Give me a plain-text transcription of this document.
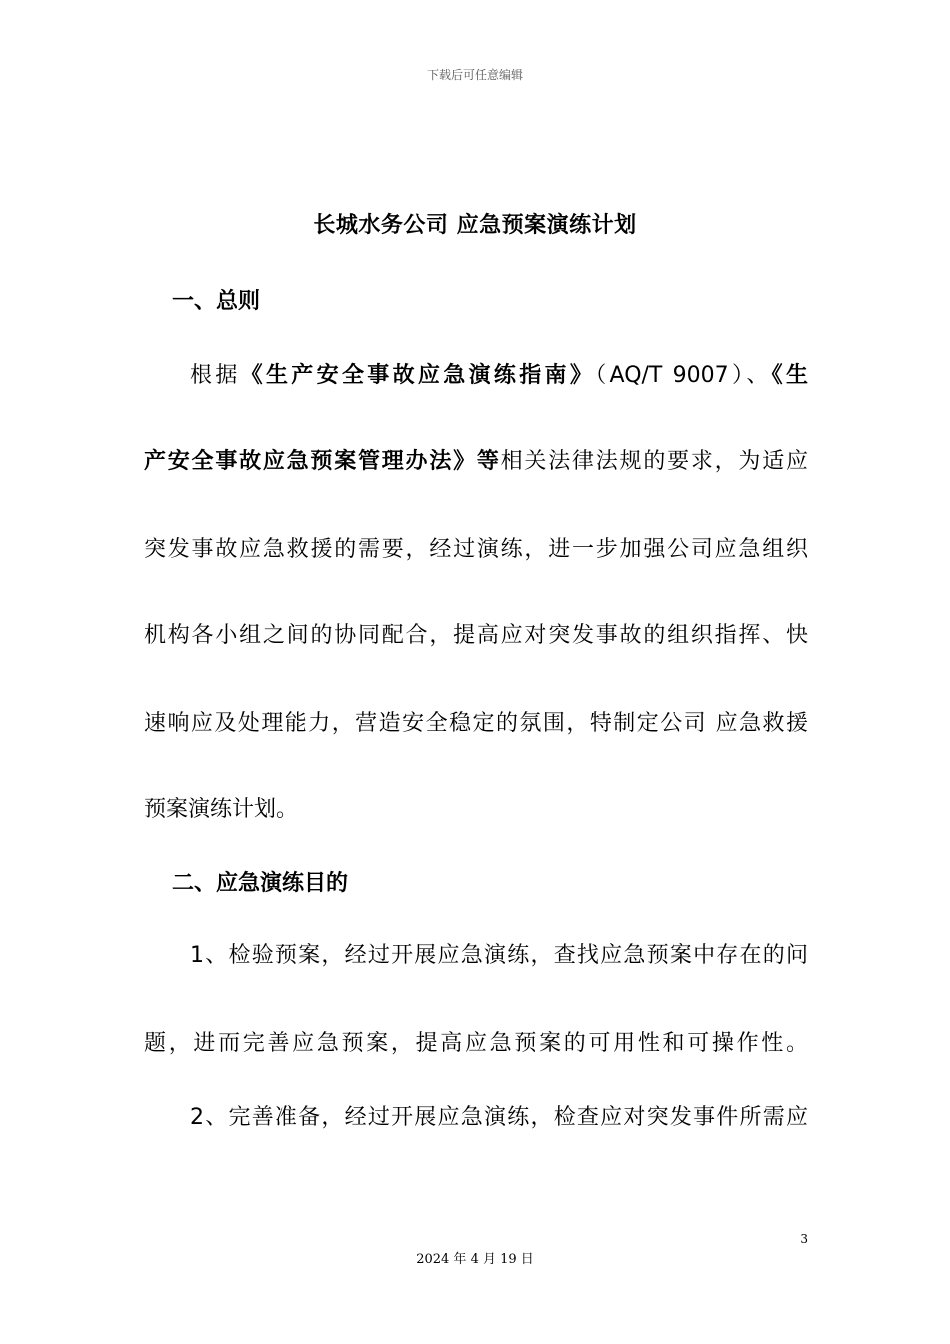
下载后可任意编辑
长城水务公司 应急预案演练计划
一、总则
根据《生产安全事故应急演练指南》（AQ/T 9007）、《生
产安全事故应急预案管理办法》等相关法律法规的要求，为适应
突发事故应急救援的需要，经过演练，进一步加强公司应急组织
机构各小组之间的协同配合，提高应对突发事故的组织指挥、快
速响应及处理能力，营造安全稳定的氛围，特制定公司 应急救援
预案演练计划。
二、应急演练目的
1、检验预案，经过开展应急演练，查找应急预案中存在的问
题，进而完善应急预案，提高应急预案的可用性和可操作性。
2、完善准备，经过开展应急演练，检查应对突发事件所需应
3
2024 年 4 月 19 日
